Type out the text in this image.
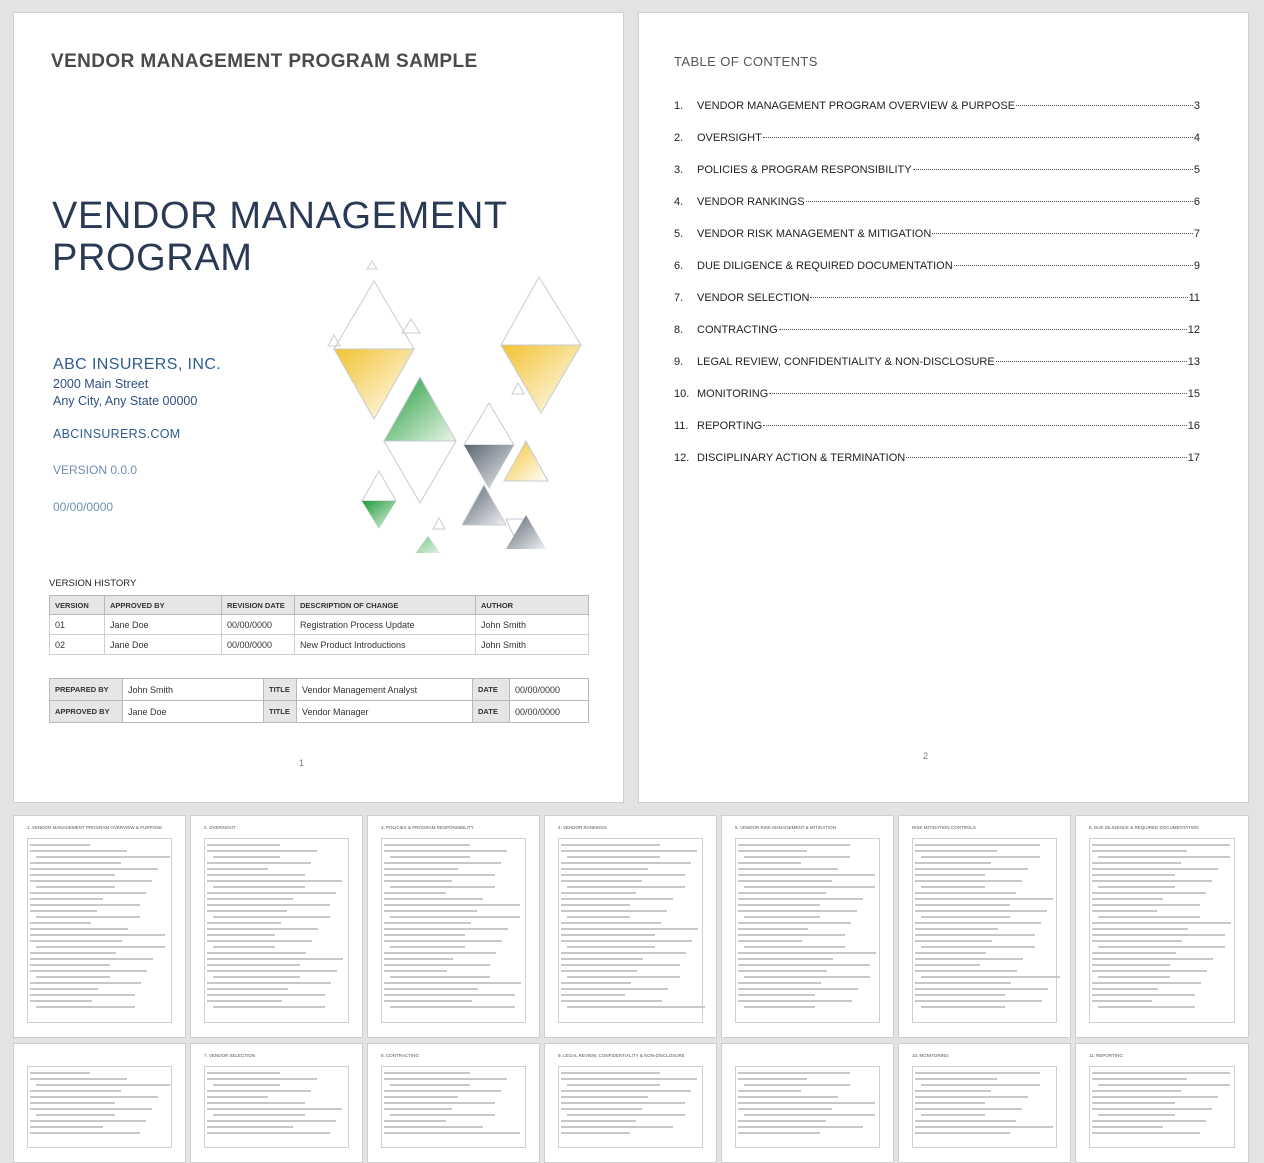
VENDOR MANAGEMENT PROGRAM SAMPLE
VENDOR MANAGEMENT
PROGRAM
ABC INSURERS, INC.
2000 Main Street
Any City, Any State 00000
ABCINSURERS.COM
VERSION 0.0.0
00/00/0000
VERSION HISTORY
VERSION	APPROVED BY	REVISION DATE	DESCRIPTION OF CHANGE	AUTHOR
01	Jane Doe	00/00/0000	Registration Process Update	John Smith
02	Jane Doe	00/00/0000	New Product Introductions	John Smith
PREPARED BY	John Smith	TITLE	Vendor Management Analyst	DATE	00/00/0000
APPROVED BY	Jane Doe	TITLE	Vendor Manager	DATE	00/00/0000
1
TABLE OF CONTENTS
1.	VENDOR MANAGEMENT PROGRAM OVERVIEW & PURPOSE	3
2.	OVERSIGHT	4
3.	POLICIES & PROGRAM RESPONSIBILITY	5
4.	VENDOR RANKINGS	6
5.	VENDOR RISK MANAGEMENT & MITIGATION	7
6.	DUE DILIGENCE & REQUIRED DOCUMENTATION	9
7.	VENDOR SELECTION	11
8.	CONTRACTING	12
9.	LEGAL REVIEW, CONFIDENTIALITY & NON-DISCLOSURE	13
10. MONITORING	15
11. REPORTING	16
12. DISCIPLINARY ACTION & TERMINATION	17
2
1. VENDOR MANAGEMENT PROGRAM OVERVIEW & PURPOSE	2. OVERSIGHT	3. POLICIES & PROGRAM RESPONSIBILITY	4. VENDOR RANKINGS	5. VENDOR RISK MANAGEMENT & MITIGATION	RISK MITIGATION CONTROLS	6. DUE DILIGENCE & REQUIRED DOCUMENTATION
7. VENDOR SELECTION	8. CONTRACTING	9. LEGAL REVIEW, CONFIDENTIALITY & NON-DISCLOSURE	10. MONITORING	11. REPORTING
